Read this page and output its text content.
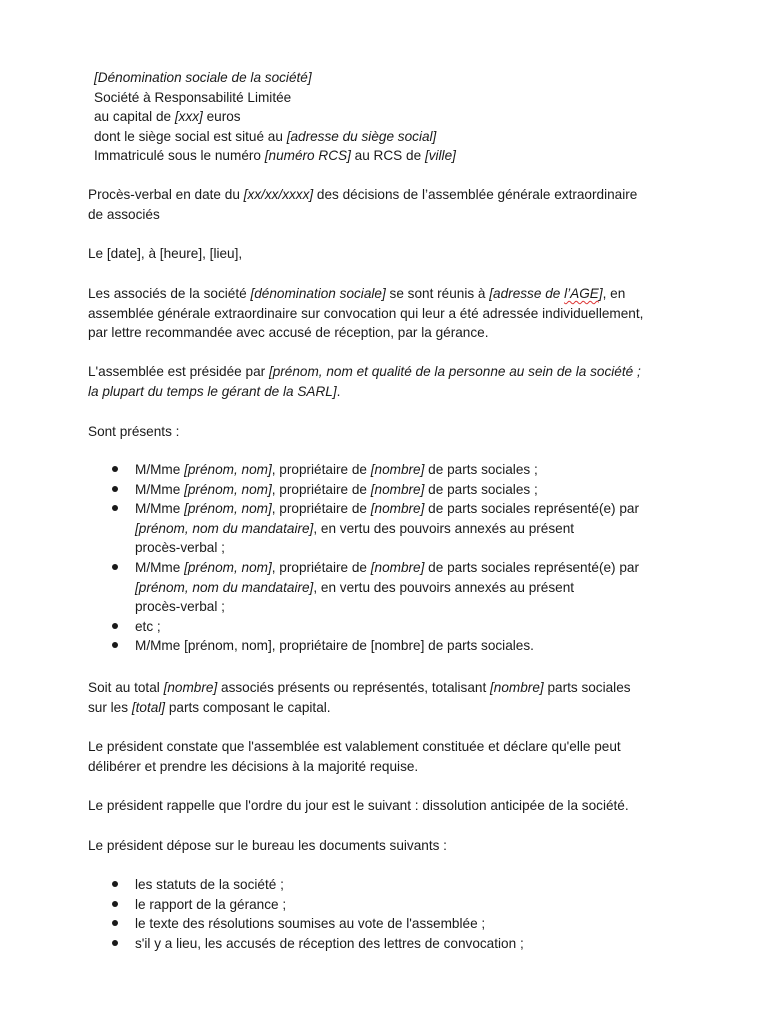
[Dénomination sociale de la société]
Société à Responsabilité Limitée
au capital de [xxx] euros
dont le siège social est situé au [adresse du siège social]
Immatriculé sous le numéro [numéro RCS] au RCS de [ville]
Procès-verbal en date du [xx/xx/xxxx] des décisions de l’assemblée générale extraordinaire
de associés
Le [date], à [heure], [lieu],
Les associés de la société [dénomination sociale] se sont réunis à [adresse de l’AGE], en
assemblée générale extraordinaire sur convocation qui leur a été adressée individuellement,
par lettre recommandée avec accusé de réception, par la gérance.
L'assemblée est présidée par [prénom, nom et qualité de la personne au sein de la société ;
la plupart du temps le gérant de la SARL].
Sont présents :
M/Mme [prénom, nom], propriétaire de [nombre] de parts sociales ;
M/Mme [prénom, nom], propriétaire de [nombre] de parts sociales ;
M/Mme [prénom, nom], propriétaire de [nombre] de parts sociales représenté(e) par
[prénom, nom du mandataire], en vertu des pouvoirs annexés au présent
procès-verbal ;
M/Mme [prénom, nom], propriétaire de [nombre] de parts sociales représenté(e) par
[prénom, nom du mandataire], en vertu des pouvoirs annexés au présent
procès-verbal ;
etc ;
M/Mme [prénom, nom], propriétaire de [nombre] de parts sociales.
Soit au total [nombre] associés présents ou représentés, totalisant [nombre] parts sociales
sur les [total] parts composant le capital.
Le président constate que l'assemblée est valablement constituée et déclare qu'elle peut
délibérer et prendre les décisions à la majorité requise.
Le président rappelle que l'ordre du jour est le suivant : dissolution anticipée de la société.
Le président dépose sur le bureau les documents suivants :
les statuts de la société ;
le rapport de la gérance ;
le texte des résolutions soumises au vote de l'assemblée ;
s'il y a lieu, les accusés de réception des lettres de convocation ;
